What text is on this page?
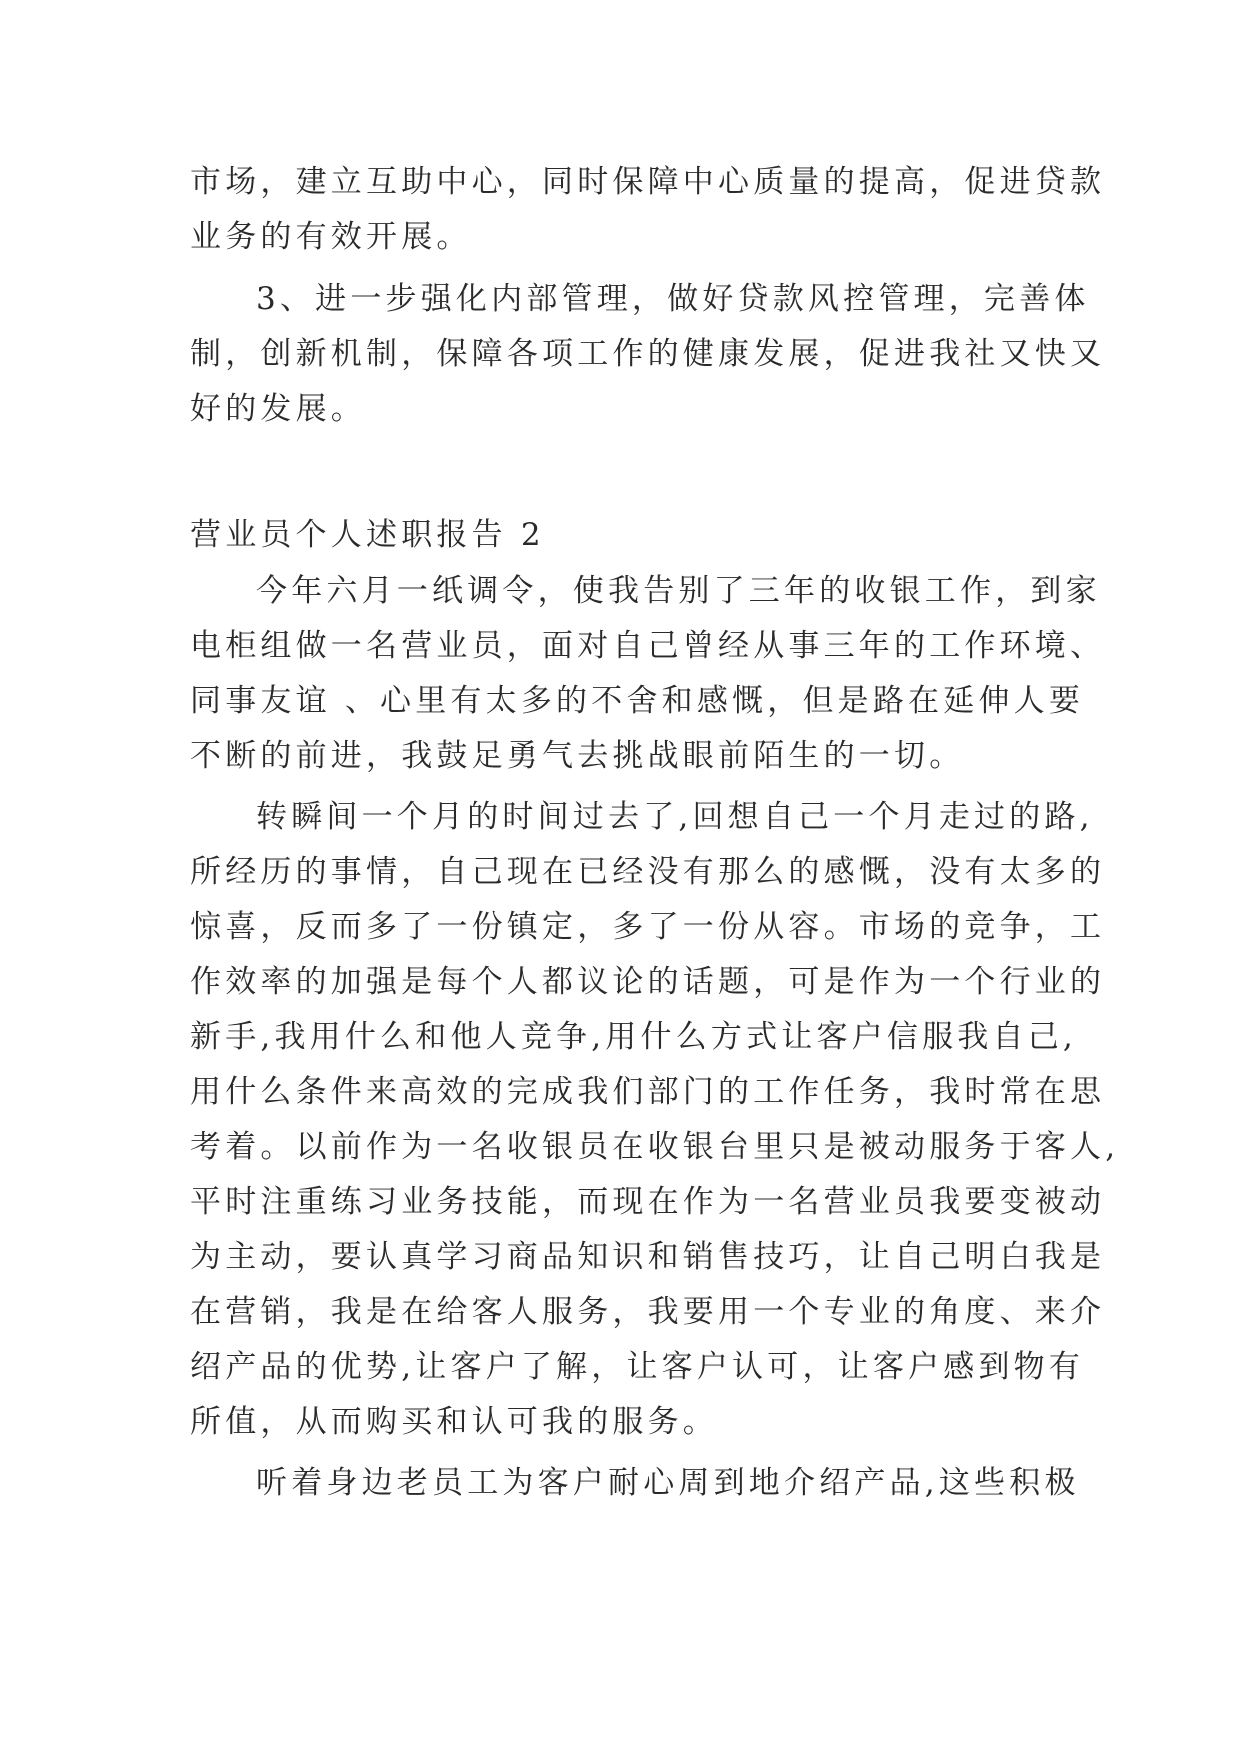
市场，建立互助中心，同时保障中心质量的提高，促进贷款
业务的有效开展。
3、进一步强化内部管理，做好贷款风控管理，完善体
制，创新机制，保障各项工作的健康发展，促进我社又快又
好的发展。
营业员个人述职报告 2
今年六月一纸调令，使我告别了三年的收银工作，到家
电柜组做一名营业员，面对自己曾经从事三年的工作环境、
同事友谊 、心里有太多的不舍和感慨，但是路在延伸人要
不断的前进，我鼓足勇气去挑战眼前陌生的一切。
转瞬间一个月的时间过去了,回想自己一个月走过的路,
所经历的事情，自己现在已经没有那么的感慨，没有太多的
惊喜，反而多了一份镇定，多了一份从容。市场的竞争，工
作效率的加强是每个人都议论的话题，可是作为一个行业的
新手,我用什么和他人竞争,用什么方式让客户信服我自己,
用什么条件来高效的完成我们部门的工作任务，我时常在思
考着。以前作为一名收银员在收银台里只是被动服务于客人,
平时注重练习业务技能，而现在作为一名营业员我要变被动
为主动，要认真学习商品知识和销售技巧，让自己明白我是
在营销，我是在给客人服务，我要用一个专业的角度、来介
绍产品的优势,让客户了解，让客户认可，让客户感到物有
所值，从而购买和认可我的服务。
听着身边老员工为客户耐心周到地介绍产品,这些积极
